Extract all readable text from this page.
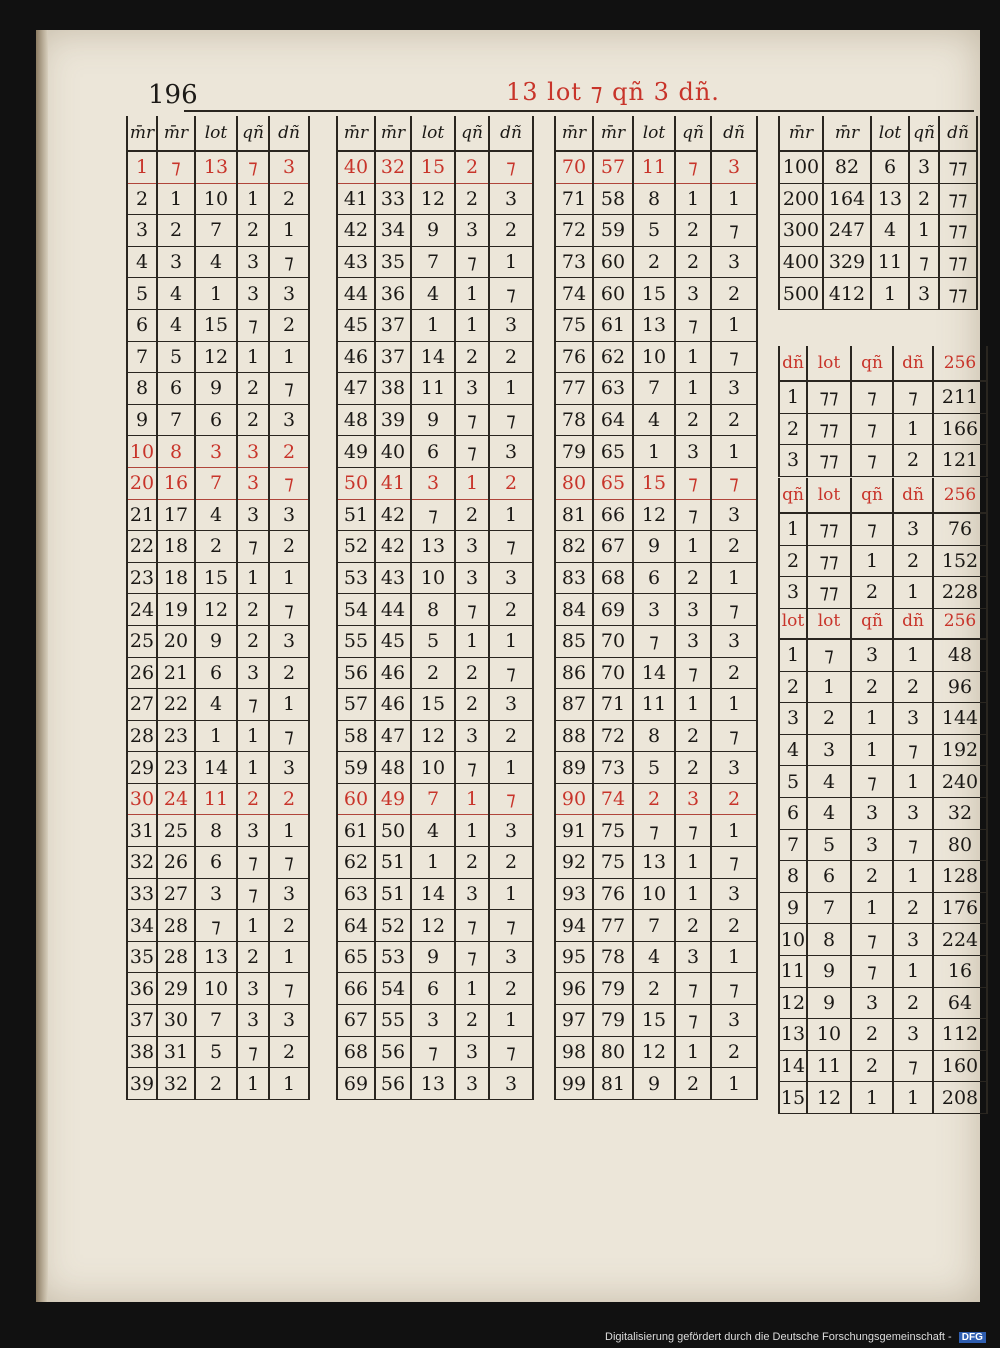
196	13 lot ⁊ qñ 3 dñ.
Digitalisierung gefördert durch die Deutsche Forschungsgemeinschaft - DFG
m̄r	m̄r	lot	qñ	dñ
1	⁊	13	⁊	3
2	1	10	1	2
3	2	7	2	1
4	3	4	3	⁊
5	4	1	3	3
6	4	15	⁊	2
7	5	12	1	1
8	6	9	2	⁊
9	7	6	2	3
10	8	3	3	2
20	16	7	3	⁊
21	17	4	3	3
22	18	2	⁊	2
23	18	15	1	1
24	19	12	2	⁊
25	20	9	2	3
26	21	6	3	2
27	22	4	⁊	1
28	23	1	1	⁊
29	23	14	1	3
30	24	11	2	2
31	25	8	3	1
32	26	6	⁊	⁊
33	27	3	⁊	3
34	28	⁊	1	2
35	28	13	2	1
36	29	10	3	⁊
37	30	7	3	3
38	31	5	⁊	2
39	32	2	1	1
m̄r	m̄r	lot	qñ	dñ
40	32	15	2	⁊
41	33	12	2	3
42	34	9	3	2
43	35	7	⁊	1
44	36	4	1	⁊
45	37	1	1	3
46	37	14	2	2
47	38	11	3	1
48	39	9	⁊	⁊
49	40	6	⁊	3
50	41	3	1	2
51	42	⁊	2	1
52	42	13	3	⁊
53	43	10	3	3
54	44	8	⁊	2
55	45	5	1	1
56	46	2	2	⁊
57	46	15	2	3
58	47	12	3	2
59	48	10	⁊	1
60	49	7	1	⁊
61	50	4	1	3
62	51	1	2	2
63	51	14	3	1
64	52	12	⁊	⁊
65	53	9	⁊	3
66	54	6	1	2
67	55	3	2	1
68	56	⁊	3	⁊
69	56	13	3	3
m̄r	m̄r	lot	qñ	dñ
70	57	11	⁊	3
71	58	8	1	1
72	59	5	2	⁊
73	60	2	2	3
74	60	15	3	2
75	61	13	⁊	1
76	62	10	1	⁊
77	63	7	1	3
78	64	4	2	2
79	65	1	3	1
80	65	15	⁊	⁊
81	66	12	⁊	3
82	67	9	1	2
83	68	6	2	1
84	69	3	3	⁊
85	70	⁊	3	3
86	70	14	⁊	2
87	71	11	1	1
88	72	8	2	⁊
89	73	5	2	3
90	74	2	3	2
91	75	⁊	⁊	1
92	75	13	1	⁊
93	76	10	1	3
94	77	7	2	2
95	78	4	3	1
96	79	2	⁊	⁊
97	79	15	⁊	3
98	80	12	1	2
99	81	9	2	1
m̄r	m̄r	lot	qñ	dñ
100	82	6	3	⁊⁊
200	164	13	2	⁊⁊
300	247	4	1	⁊⁊
400	329	11	⁊	⁊⁊
500	412	1	3	⁊⁊
dñ	lot	qñ	dñ	256
1	⁊⁊	⁊	⁊	211
2	⁊⁊	⁊	1	166
3	⁊⁊	⁊	2	121
qñ	lot	qñ	dñ	256
1	⁊⁊	⁊	3	76
2	⁊⁊	1	2	152
3	⁊⁊	2	1	228
lot	lot	qñ	dñ	256
1	⁊	3	1	48
2	1	2	2	96
3	2	1	3	144
4	3	1	⁊	192
5	4	⁊	1	240
6	4	3	3	32
7	5	3	⁊	80
8	6	2	1	128
9	7	1	2	176
10	8	⁊	3	224
11	9	⁊	1	16
12	9	3	2	64
13	10	2	3	112
14	11	2	⁊	160
15	12	1	1	208
